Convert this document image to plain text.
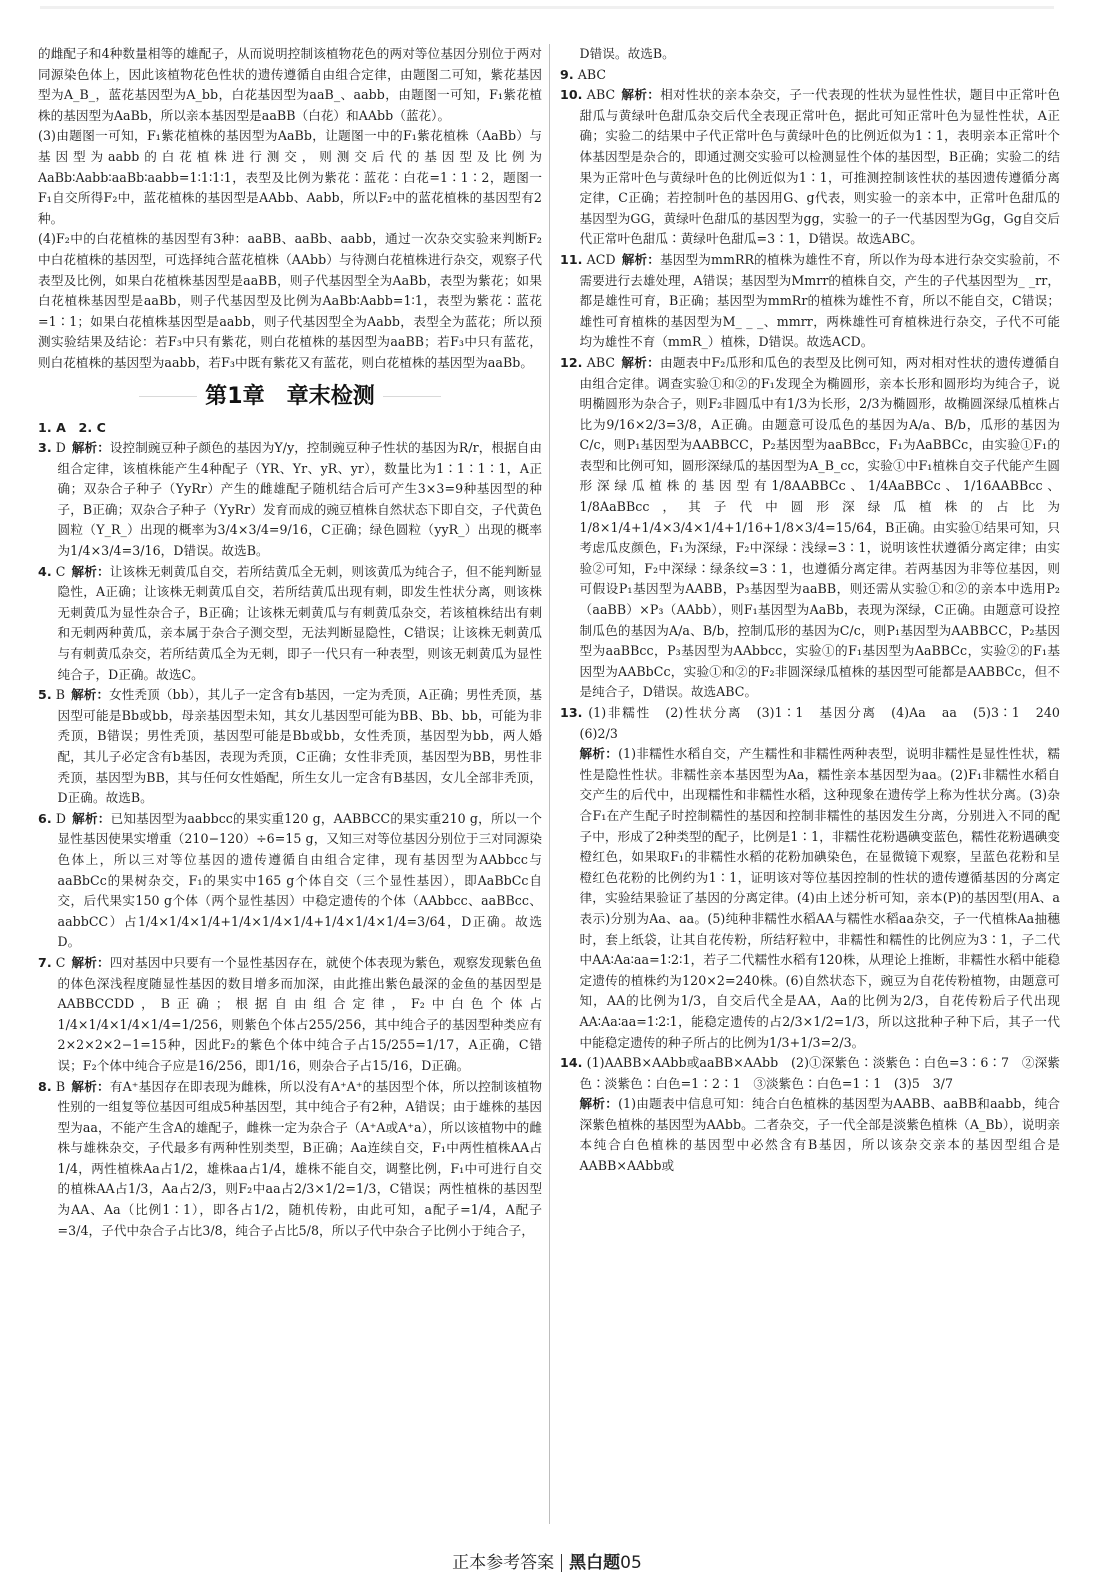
的雌配子和4种数量相等的雄配子，从而说明控制该植物花色的两对等位基因分别位于两对同源染色体上，因此该植物花色性状的遗传遵循自由组合定律，由题图二可知，紫花基因型为A_B_，蓝花基因型为A_bb，白花基因型为aaB_、aabb，由题图一可知，F₁紫花植株的基因型为AaBb，所以亲本基因型是aaBB（白花）和AAbb（蓝花）。

(3)由题图一可知，F₁紫花植株的基因型为AaBb，让题图一中的F₁紫花植株（AaBb）与基因型为aabb的白花植株进行测交，则测交后代的基因型及比例为AaBb∶Aabb∶aaBb∶aabb=1∶1∶1∶1，表型及比例为紫花∶蓝花∶白花=1∶1∶2，题图一F₁自交所得F₂中，蓝花植株的基因型是AAbb、Aabb，所以F₂中的蓝花植株的基因型有2种。

(4)F₂中的白花植株的基因型有3种：aaBB、aaBb、aabb，通过一次杂交实验来判断F₂中白花植株的基因型，可选择纯合蓝花植株（AAbb）与待测白花植株进行杂交，观察子代表型及比例，如果白花植株基因型是aaBB，则子代基因型全为AaBb，表型为紫花；如果白花植株基因型是aaBb，则子代基因型及比例为AaBb∶Aabb=1∶1，表型为紫花∶蓝花=1∶1；如果白花植株基因型是aabb，则子代基因型全为Aabb，表型全为蓝花；所以预测实验结果及结论：若F₃中只有紫花，则白花植株的基因型为aaBB；若F₃中只有蓝花，则白花植株的基因型为aabb，若F₃中既有紫花又有蓝花，则白花植株的基因型为aaBb。

第1章 章末检测

1. A　2. C

3. D 解析：设控制豌豆种子颜色的基因为Y/y，控制豌豆种子性状的基因为R/r，根据自由组合定律，该植株能产生4种配子（YR、Yr、yR、yr），数量比为1∶1∶1∶1，A正确；双杂合子种子（YyRr）产生的雌雄配子随机结合后可产生3×3=9种基因型的种子，B正确；双杂合子种子（YyRr）发育而成的豌豆植株自然状态下即自交，子代黄色圆粒（Y_R_）出现的概率为3/4×3/4=9/16，C正确；绿色圆粒（yyR_）出现的概率为1/4×3/4=3/16，D错误。故选B。

4. C 解析：让该株无刺黄瓜自交，若所结黄瓜全无刺，则该黄瓜为纯合子，但不能判断显隐性，A正确；让该株无刺黄瓜自交，若所结黄瓜出现有刺，即发生性状分离，则该株无刺黄瓜为显性杂合子，B正确；让该株无刺黄瓜与有刺黄瓜杂交，若该植株结出有刺和无刺两种黄瓜，亲本属于杂合子测交型，无法判断显隐性，C错误；让该株无刺黄瓜与有刺黄瓜杂交，若所结黄瓜全为无刺，即子一代只有一种表型，则该无刺黄瓜为显性纯合子，D正确。故选C。

5. B 解析：女性秃顶（bb），其儿子一定含有b基因，一定为秃顶，A正确；男性秃顶，基因型可能是Bb或bb，母亲基因型未知，其女儿基因型可能为BB、Bb、bb，可能为非秃顶，B错误；男性秃顶，基因型可能是Bb或bb，女性秃顶，基因型为bb，两人婚配，其儿子必定含有b基因，表现为秃顶，C正确；女性非秃顶，基因型为BB，男性非秃顶，基因型为BB，其与任何女性婚配，所生女儿一定含有B基因，女儿全部非秃顶，D正确。故选B。

6. D 解析：已知基因型为aabbcc的果实重120 g，AABBCC的果实重210 g，所以一个显性基因使果实增重（210−120）÷6=15 g，又知三对等位基因分别位于三对同源染色体上，所以三对等位基因的遗传遵循自由组合定律，现有基因型为AAbbcc与aaBbCc的果树杂交，F₁的果实中165 g个体自交（三个显性基因），即AaBbCc自交，后代果实150 g个体（两个显性基因）中稳定遗传的个体（AAbbcc、aaBBcc、aabbCC）占1/4×1/4×1/4+1/4×1/4×1/4+1/4×1/4×1/4=3/64，D正确。故选D。

7. C 解析：四对基因中只要有一个显性基因存在，就使个体表现为紫色，观察发现紫色鱼的体色深浅程度随显性基因的数目增多而加深，由此推出紫色最深的金鱼的基因型是AABBCCDD，B正确；根据自由组合定律，F₂中白色个体占1/4×1/4×1/4×1/4=1/256，则紫色个体占255/256，其中纯合子的基因型种类应有2×2×2×2−1=15种，因此F₂的紫色个体中纯合子占15/255=1/17，A正确，C错误；F₂个体中纯合子应是16/256，即1/16，则杂合子占15/16，D正确。

8. B 解析：有A⁺基因存在即表现为雌株，所以没有A⁺A⁺的基因型个体，所以控制该植物性别的一组复等位基因可组成5种基因型，其中纯合子有2种，A错误；由于雄株的基因型为aa，不能产生含A的雄配子，雌株一定为杂合子（A⁺A或A⁺a），所以该植物中的雌株与雄株杂交，子代最多有两种性别类型，B正确；Aa连续自交，F₁中两性植株AA占1/4，两性植株Aa占1/2，雄株aa占1/4，雄株不能自交，调整比例，F₁中可进行自交的植株AA占1/3，Aa占2/3，则F₂中aa占2/3×1/2=1/3，C错误；两性植株的基因型为AA、Aa（比例1∶1），即各占1/2，随机传粉，由此可知，a配子=1/4，A配子=3/4，子代中杂合子占比3/8，纯合子占比5/8，所以子代中杂合子比例小于纯合子，

D错误。故选B。

9. ABC

10. ABC 解析：相对性状的亲本杂交，子一代表现的性状为显性性状，题目中正常叶色甜瓜与黄绿叶色甜瓜杂交后代全表现正常叶色，据此可知正常叶色为显性性状，A正确；实验二的结果中子代正常叶色与黄绿叶色的比例近似为1∶1，表明亲本正常叶个体基因型是杂合的，即通过测交实验可以检测显性个体的基因型，B正确；实验二的结果为正常叶色与黄绿叶色的比例近似为1∶1，可推测控制该性状的基因遗传遵循分离定律，C正确；若控制叶色的基因用G、g代表，则实验一的亲本中，正常叶色甜瓜的基因型为GG，黄绿叶色甜瓜的基因型为gg，实验一的子一代基因型为Gg，Gg自交后代正常叶色甜瓜∶黄绿叶色甜瓜=3∶1，D错误。故选ABC。

11. ACD 解析：基因型为mmRR的植株为雄性不育，所以作为母本进行杂交实验前，不需要进行去雄处理，A错误；基因型为Mmrr的植株自交，产生的子代基因型为_ _rr，都是雄性可育，B正确；基因型为mmRr的植株为雄性不育，所以不能自交，C错误；雄性可育植株的基因型为M_ _ _、mmrr，两株雄性可育植株进行杂交，子代不可能均为雄性不育（mmR_）植株，D错误。故选ACD。

12. ABC 解析：由题表中F₂瓜形和瓜色的表型及比例可知，两对相对性状的遗传遵循自由组合定律。调查实验①和②的F₁发现全为椭圆形，亲本长形和圆形均为纯合子，说明椭圆形为杂合子，则F₂非圆瓜中有1/3为长形，2/3为椭圆形，故椭圆深绿瓜植株占比为9/16×2/3=3/8，A正确。由题意可设瓜色的基因为A/a、B/b，瓜形的基因为C/c，则P₁基因型为AABBCC，P₂基因型为aaBBcc，F₁为AaBBCc，由实验①F₁的表型和比例可知，圆形深绿瓜的基因型为A_B_cc，实验①中F₁植株自交子代能产生圆形深绿瓜植株的基因型有1/8AABBCc、1/4AaBBCc、1/16AABBcc、1/8AaBBcc，其子代中圆形深绿瓜植株的占比为1/8×1/4+1/4×3/4×1/4+1/16+1/8×3/4=15/64，B正确。由实验①结果可知，只考虑瓜皮颜色，F₁为深绿，F₂中深绿∶浅绿=3∶1，说明该性状遵循分离定律；由实验②可知，F₂中深绿∶绿条纹=3∶1，也遵循分离定律。若两基因为非等位基因，则可假设P₁基因型为AABB，P₃基因型为aaBB，则还需从实验①和②的亲本中选用P₂（aaBB）×P₃（AAbb），则F₁基因型为AaBb，表现为深绿，C正确。由题意可设控制瓜色的基因为A/a、B/b，控制瓜形的基因为C/c，则P₁基因型为AABBCC，P₂基因型为aaBBcc，P₃基因型为AAbbcc，实验①的F₁基因型为AaBBCc，实验②的F₁基因型为AABbCc，实验①和②的F₂非圆深绿瓜植株的基因型可能都是AABBCc，但不是纯合子，D错误。故选ABC。

13. (1)非糯性　(2)性状分离　(3)1∶1　基因分离　(4)Aa　aa　(5)3∶1　240　(6)2/3
解析：(1)非糯性水稻自交，产生糯性和非糯性两种表型，说明非糯性是显性性状，糯性是隐性性状。非糯性亲本基因型为Aa，糯性亲本基因型为aa。(2)F₁非糯性水稻自交产生的后代中，出现糯性和非糯性水稻，这种现象在遗传学上称为性状分离。(3)杂合F₁在产生配子时控制糯性的基因和控制非糯性的基因发生分离，分别进入不同的配子中，形成了2种类型的配子，比例是1∶1，非糯性花粉遇碘变蓝色，糯性花粉遇碘变橙红色，如果取F₁的非糯性水稻的花粉加碘染色，在显微镜下观察，呈蓝色花粉和呈橙红色花粉的比例约为1∶1，证明该对等位基因控制的性状的遗传遵循基因的分离定律，实验结果验证了基因的分离定律。(4)由上述分析可知，亲本(P)的基因型(用A、a表示)分别为Aa、aa。(5)纯种非糯性水稻AA与糯性水稻aa杂交，子一代植株Aa抽穗时，套上纸袋，让其自花传粉，所结籽粒中，非糯性和糯性的比例应为3∶1，子二代中AA∶Aa∶aa=1∶2∶1，若子二代糯性水稻有120株，从理论上推断，非糯性水稻中能稳定遗传的植株约为120×2=240株。(6)自然状态下，豌豆为自花传粉植物，由题意可知，AA的比例为1/3，自交后代全是AA，Aa的比例为2/3，自花传粉后子代出现AA∶Aa∶aa=1∶2∶1，能稳定遗传的占2/3×1/2=1/3，所以这批种子种下后，其子一代中能稳定遗传的种子所占的比例为1/3+1/3=2/3。

14. (1)AABB×AAbb或aaBB×AAbb　(2)①深紫色∶淡紫色∶白色=3∶6∶7　②深紫色∶淡紫色∶白色=1∶2∶1　③淡紫色∶白色=1∶1　(3)5　3/7
解析：(1)由题表中信息可知：纯合白色植株的基因型为AABB、aaBB和aabb，纯合深紫色植株的基因型为AAbb。二者杂交，子一代全部是淡紫色植株（A_Bb），说明亲本纯合白色植株的基因型中必然含有B基因，所以该杂交亲本的基因型组合是AABB×AAbb或

正本参考答案 黑白题05
